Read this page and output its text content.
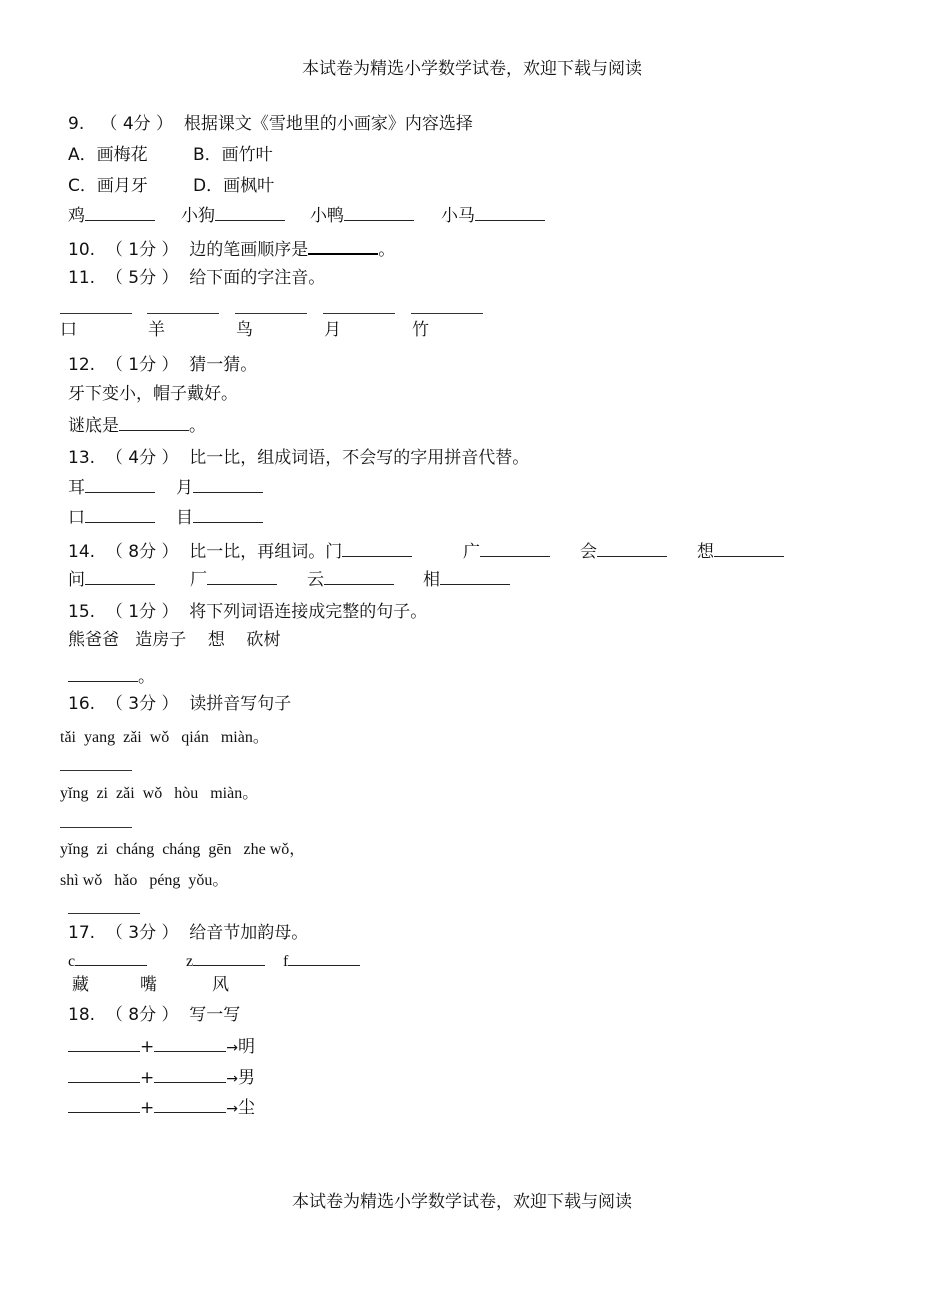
本试卷为精选小学数学试卷，欢迎下载与阅读
9.   （ 4分 ）  根据课文《雪地里的小画家》内容选择
A．画梅花	B．画竹叶
C．画月牙	D．画枫叶
鸡	小狗	小鸭	小马
10.  （ 1分 ）  边的笔画顺序是	。
11.  （ 5分 ）  给下面的字注音。
口	羊	鸟	月	竹
12.  （ 1分 ）  猜一猜。
牙下变小，帽子戴好。
谜底是	。
13.  （ 4分 ）  比一比，组成词语，不会写的字用拼音代替。
耳	月
口	目
14.  （ 8分 ）  比一比，再组词。门	广	会	想
问	厂	云	相
15.  （ 1分 ）  将下列词语连接成完整的句子。
熊爸爸   造房子    想    砍树
。
16.  （ 3分 ）  读拼音写句子
tǎi  yang  zǎi  wǒ   qián   miàn。
yǐng  zi  zǎi  wǒ   hòu   miàn。
yǐng  zi  cháng  cháng  gēn   zhe wǒ，
shì wǒ   hǎo   péng  yǒu。
17.  （ 3分 ）  给音节加韵母。
c	z	f
藏	嘴	风
18.  （ 8分 ）  写一写
+	→明
+	→男
+	→尘
本试卷为精选小学数学试卷，欢迎下载与阅读
